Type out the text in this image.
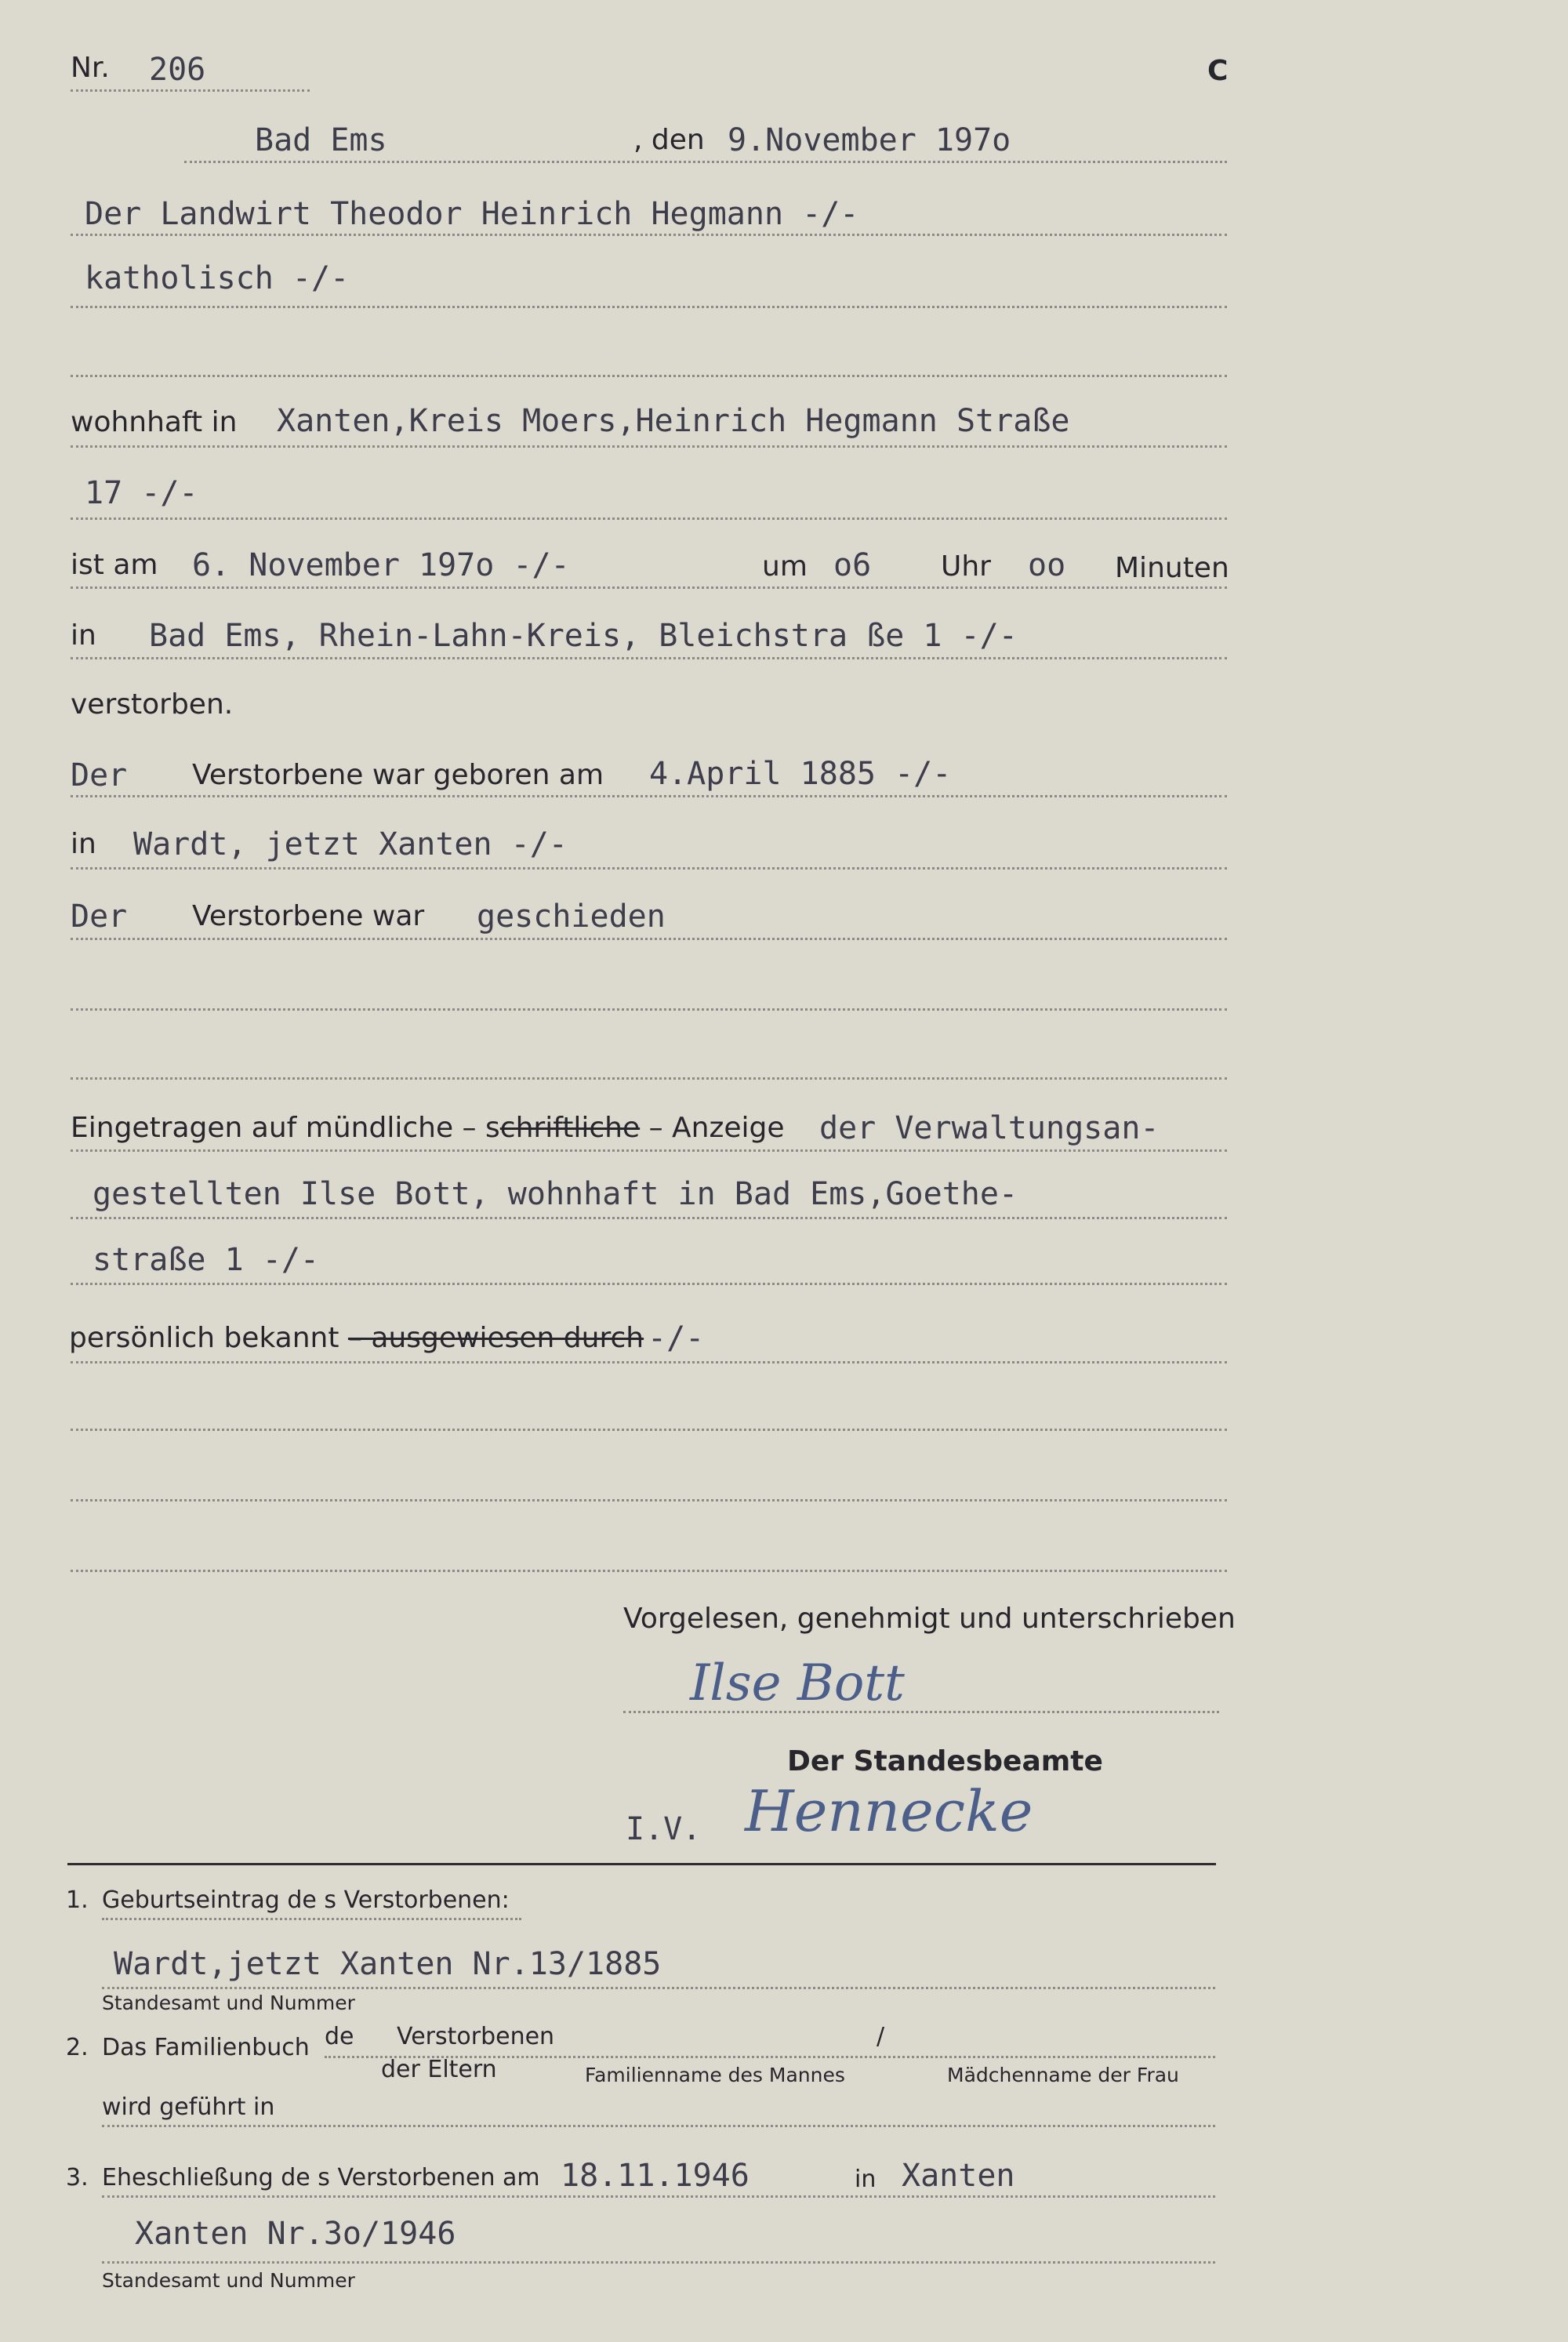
Nr. 206	C
Bad Ems	, den 9.November 197o
Der Landwirt Theodor Heinrich Hegmann -/-
katholisch -/-
wohnhaft in Xanten,Kreis Moers,Heinrich Hegmann Straße
17 -/-
ist am 6. November 197o -/-	um o6 Uhr oo Minuten
in Bad Ems, Rhein-Lahn-Kreis, Bleichstra ße 1 -/-
verstorben.
Der Verstorbene war geboren am 4.April 1885 -/-
in Wardt, jetzt Xanten -/-
Der Verstorbene war geschieden
Eingetragen auf mündliche – schriftliche – Anzeige der Verwaltungsan-
gestellten Ilse Bott, wohnhaft in Bad Ems,Goethe-
straße 1 -/-
persönlich bekannt – ausgewiesen durch -/-
Vorgelesen, genehmigt und unterschrieben
Ilse Bott
Der Standesbeamte
I.V. Hennecke
1. Geburtseintrag de s Verstorbenen:
Wardt,jetzt Xanten Nr.13/1885
Standesamt und Nummer
2. Das Familienbuch de Verstorbenen	/
der Eltern	Familienname des Mannes	Mädchenname der Frau
wird geführt in
3. Eheschließung de s Verstorbenen am 18.11.1946	in Xanten
Xanten Nr.3o/1946
Standesamt und Nummer
